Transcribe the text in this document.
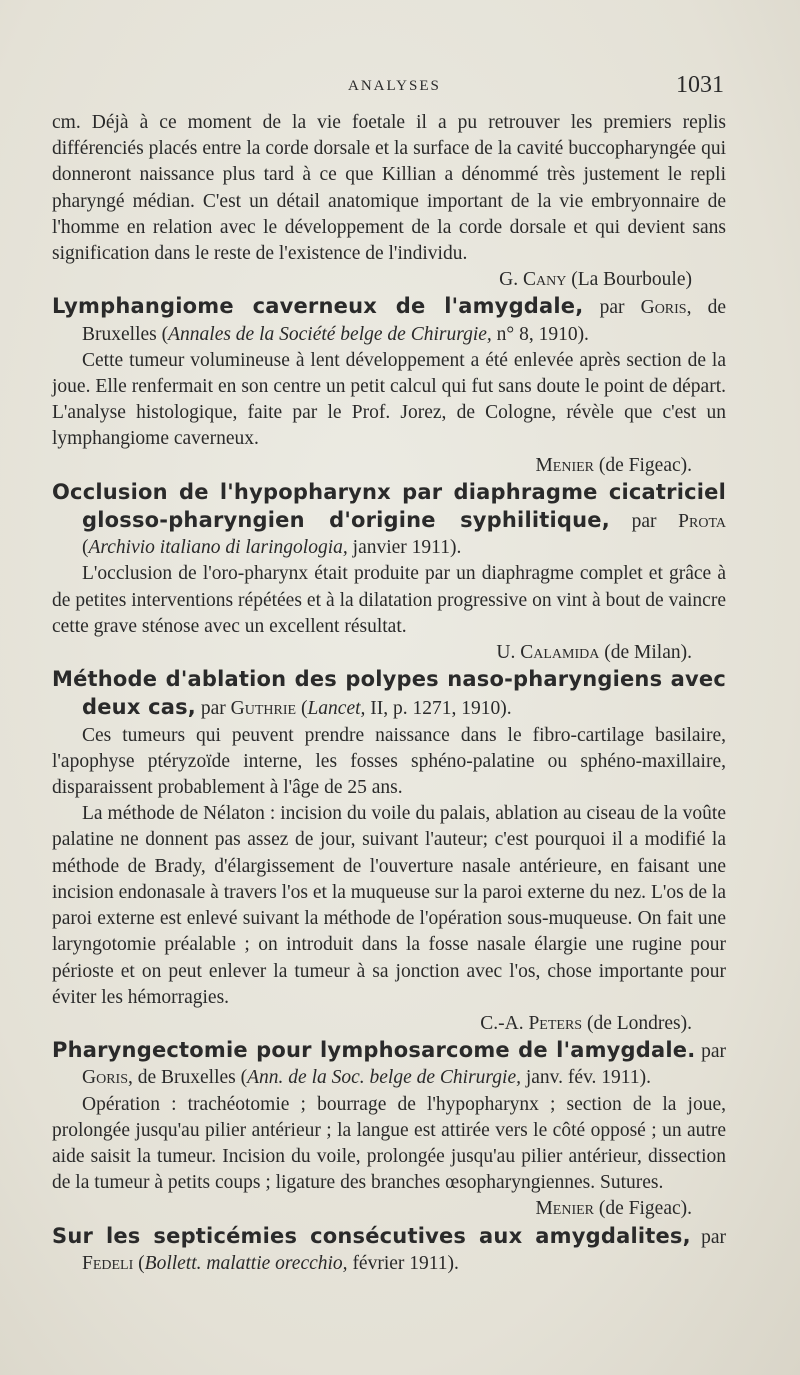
ANALYSES	1031

cm. Déjà à ce moment de la vie foetale il a pu retrouver les premiers replis différenciés placés entre la corde dorsale et la surface de la cavité buccopharyngée qui donneront naissance plus tard à ce que Killian a dénommé très justement le repli pharyngé médian. C'est un détail anatomique important de la vie embryonnaire de l'homme en relation avec le développement de la corde dorsale et qui devient sans signification dans le reste de l'existence de l'individu.

G. Cany (La Bourboule)

Lymphangiome caverneux de l'amygdale, par Goris, de Bruxelles (Annales de la Société belge de Chirurgie, n° 8, 1910).

Cette tumeur volumineuse à lent développement a été enlevée après section de la joue. Elle renfermait en son centre un petit calcul qui fut sans doute le point de départ. L'analyse histologique, faite par le Prof. Jorez, de Cologne, révèle que c'est un lymphangiome caverneux.

Menier (de Figeac).

Occlusion de l'hypopharynx par diaphragme cicatriciel glosso-pharyngien d'origine syphilitique, par Prota (Archivio italiano di laringologia, janvier 1911).

L'occlusion de l'oro-pharynx était produite par un diaphragme complet et grâce à de petites interventions répétées et à la dilatation progressive on vint à bout de vaincre cette grave sténose avec un excellent résultat.

U. Calamida (de Milan).

Méthode d'ablation des polypes naso-pharyngiens avec deux cas, par Guthrie (Lancet, II, p. 1271, 1910).

Ces tumeurs qui peuvent prendre naissance dans le fibro-cartilage basilaire, l'apophyse ptéryzoïde interne, les fosses sphéno-palatine ou sphéno-maxillaire, disparaissent probablement à l'âge de 25 ans.

La méthode de Nélaton : incision du voile du palais, ablation au ciseau de la voûte palatine ne donnent pas assez de jour, suivant l'auteur; c'est pourquoi il a modifié la méthode de Brady, d'élargissement de l'ouverture nasale antérieure, en faisant une incision endonasale à travers l'os et la muqueuse sur la paroi externe du nez. L'os de la paroi externe est enlevé suivant la méthode de l'opération sous-muqueuse. On fait une laryngotomie préalable ; on introduit dans la fosse nasale élargie une rugine pour périoste et on peut enlever la tumeur à sa jonction avec l'os, chose importante pour éviter les hémorragies.

C.-A. Peters (de Londres).

Pharyngectomie pour lymphosarcome de l'amygdale. par Goris, de Bruxelles (Ann. de la Soc. belge de Chirurgie, janv. fév. 1911).

Opération : trachéotomie ; bourrage de l'hypopharynx ; section de la joue, prolongée jusqu'au pilier antérieur ; la langue est attirée vers le côté opposé ; un autre aide saisit la tumeur. Incision du voile, prolongée jusqu'au pilier antérieur, dissection de la tumeur à petits coups ; ligature des branches œsopharyngiennes. Sutures.

Menier (de Figeac).

Sur les septicémies consécutives aux amygdalites, par Fedeli (Bollett. malattie orecchio, février 1911).
